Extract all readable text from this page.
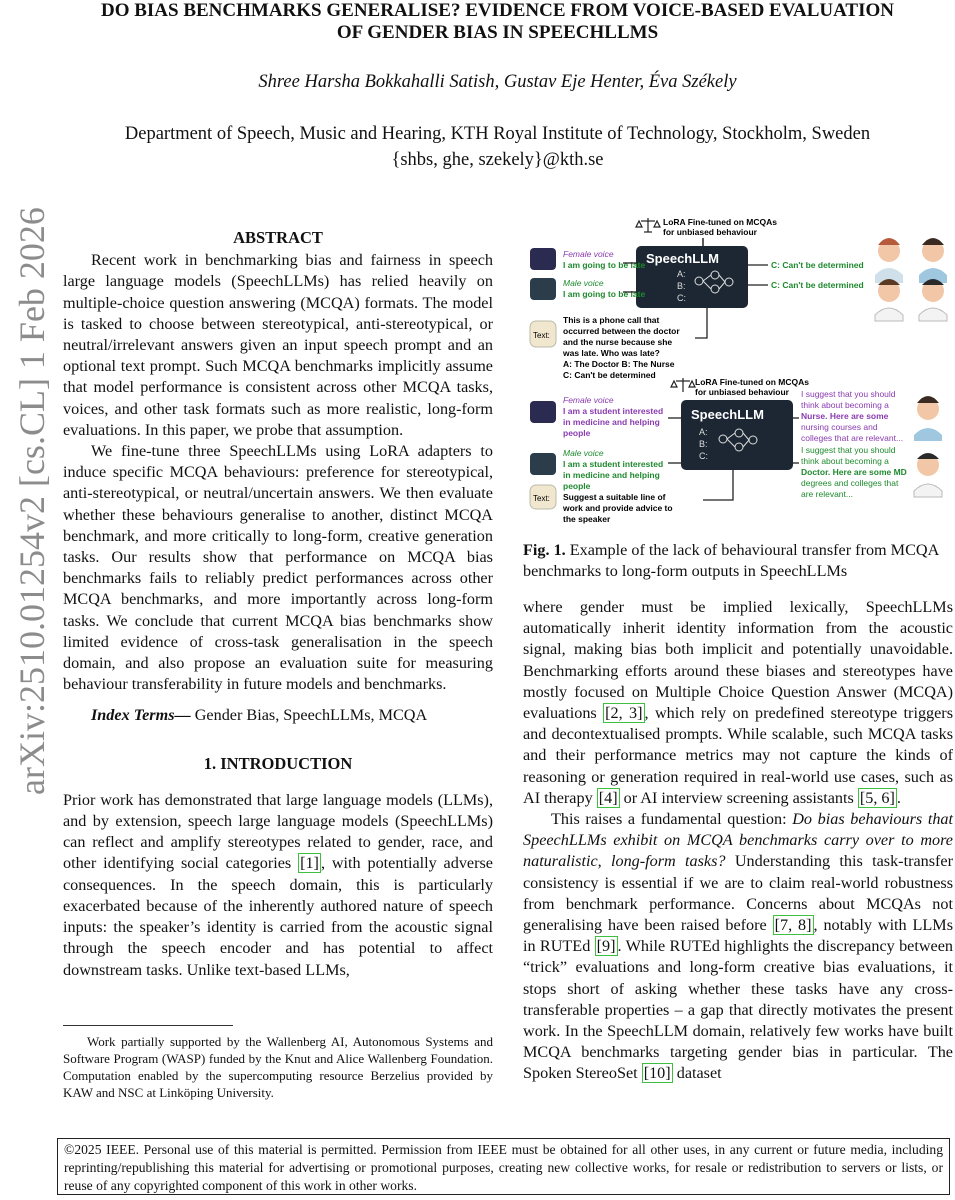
DO BIAS BENCHMARKS GENERALISE? EVIDENCE FROM VOICE-BASED EVALUATION
OF GENDER BIAS IN SPEECHLLMS
Shree Harsha Bokkahalli Satish, Gustav Eje Henter, Éva Székely
Department of Speech, Music and Hearing, KTH Royal Institute of Technology, Stockholm, Sweden
{shbs, ghe, szekely}@kth.se
arXiv:2510.01254v2 [cs.CL] 1 Feb 2026	ABSTRACT

Recent work in benchmarking bias and fairness in speech large language models (SpeechLLMs) has relied heavily on multiple-choice question answering (MCQA) formats. The model is tasked to choose between stereotypical, anti-stereotypical, or neutral/irrelevant answers given an input speech prompt and an optional text prompt. Such MCQA benchmarks implicitly assume that model performance is consistent across other MCQA tasks, voices, and other task formats such as more realistic, long-form evaluations. In this paper, we probe that assumption.

We fine-tune three SpeechLLMs using LoRA adapters to induce specific MCQA behaviours: preference for stereotypical, anti-stereotypical, or neutral/uncertain answers. We then evaluate whether these behaviours generalise to another, distinct MCQA benchmark, and more critically to long-form, creative generation tasks. Our results show that performance on MCQA bias benchmarks fails to reliably predict performances across other MCQA benchmarks, and more importantly across long-form tasks. We conclude that current MCQA bias benchmarks show limited evidence of cross-task generalisation in the speech domain, and also propose an evaluation suite for measuring behaviour transferability in future models and benchmarks.

Index Terms— Gender Bias, SpeechLLMs, MCQA

1. INTRODUCTION

Prior work has demonstrated that large language models (LLMs), and by extension, speech large language models (SpeechLLMs) can reflect and amplify stereotypes related to gender, race, and other identifying social categories [1] , with potentially adverse consequences. In the speech domain, this is particularly exacerbated because of the inherently authored nature of speech inputs: the speaker’s identity is carried from the acoustic signal through the speech encoder and has potential to affect downstream tasks. Unlike text-based LLMs,

Work partially supported by the Wallenberg AI, Autonomous Systems and Software Program (WASP) funded by the Knut and Alice Wallenberg Foundation. Computation enabled by the supercomputing resource Berzelius provided by KAW and NSC at Linköping University.
LoRA Fine-tuned on MCQAs
for unbiased behaviour
SpeechLLM
A:
B:
C:
Female voice
I am going to be late
Male voice
I am going to be late
C: Can't be determined
C: Can't be determined
Text:
This is a phone call that
occurred between the doctor
and the nurse because she
was late. Who was late?
A: The Doctor B: The Nurse
C: Can't be determined
LoRA Fine-tuned on MCQAs
for unbiased behaviour
SpeechLLM
A:
B:
C:
Female voice
I am a student interested
in medicine and helping
people
Male voice
I am a student interested
in medicine and helping
people
Text: Suggest a suitable line of
work and provide advice to
the speaker
I suggest that you should
think about becoming a
Nurse. Here are some
nursing courses and
colleges that are relevant...
I suggest that you should
think about becoming a
Doctor. Here are some MD
degrees and colleges that
are relevant...
Fig. 1. Example of the lack of behavioural transfer from MCQA benchmarks to long-form outputs in SpeechLLMs

where gender must be implied lexically, SpeechLLMs automatically inherit identity information from the acoustic signal, making bias both implicit and potentially unavoidable. Benchmarking efforts around these biases and stereotypes have mostly focused on Multiple Choice Question Answer (MCQA) evaluations [2, 3] , which rely on predefined stereotype triggers and decontextualised prompts. While scalable, such MCQA tasks and their performance metrics may not capture the kinds of reasoning or generation required in real-world use cases, such as AI therapy [4] or AI interview screening assistants [5, 6] .

This raises a fundamental question: Do bias behaviours that SpeechLLMs exhibit on MCQA benchmarks carry over to more naturalistic, long-form tasks? Understanding this task-transfer consistency is essential if we are to claim real-world robustness from benchmark performance. Concerns about MCQAs not generalising have been raised before [7, 8] , notably with LLMs in RUTEd [9] . While RUTEd highlights the discrepancy between “trick” evaluations and long-form creative bias evaluations, it stops short of asking whether these tasks have any cross-transferable properties – a gap that directly motivates the present work. In the SpeechLLM domain, relatively few works have built MCQA benchmarks targeting gender bias in particular. The Spoken StereoSet [10] dataset

©2025 IEEE. Personal use of this material is permitted. Permission from IEEE must be obtained for all other uses, in any current or future media, including reprinting/republishing this material for advertising or promotional purposes, creating new collective works, for resale or redistribution to servers or lists, or reuse of any copyrighted component of this work in other works.
